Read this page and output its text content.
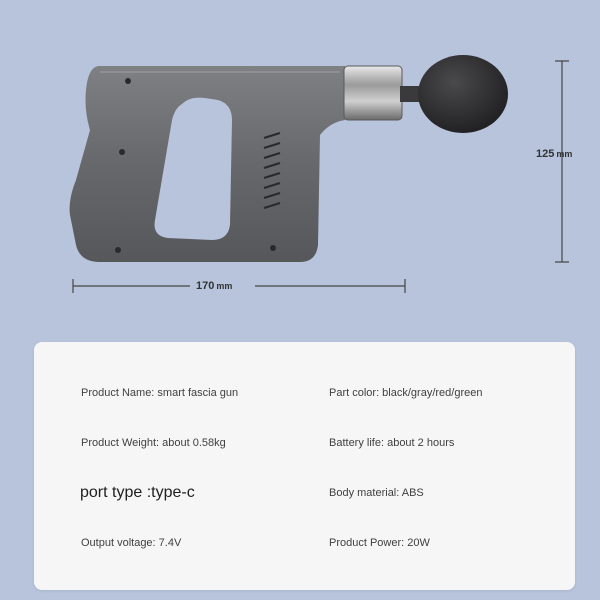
125 mm
170 mm
Product Name: smart fascia gun	Part color: black/gray/red/green
Product Weight: about 0.58kg	Battery life: about 2 hours
port type :type-c	Body material: ABS
Output voltage: 7.4V	Product Power: 20W
